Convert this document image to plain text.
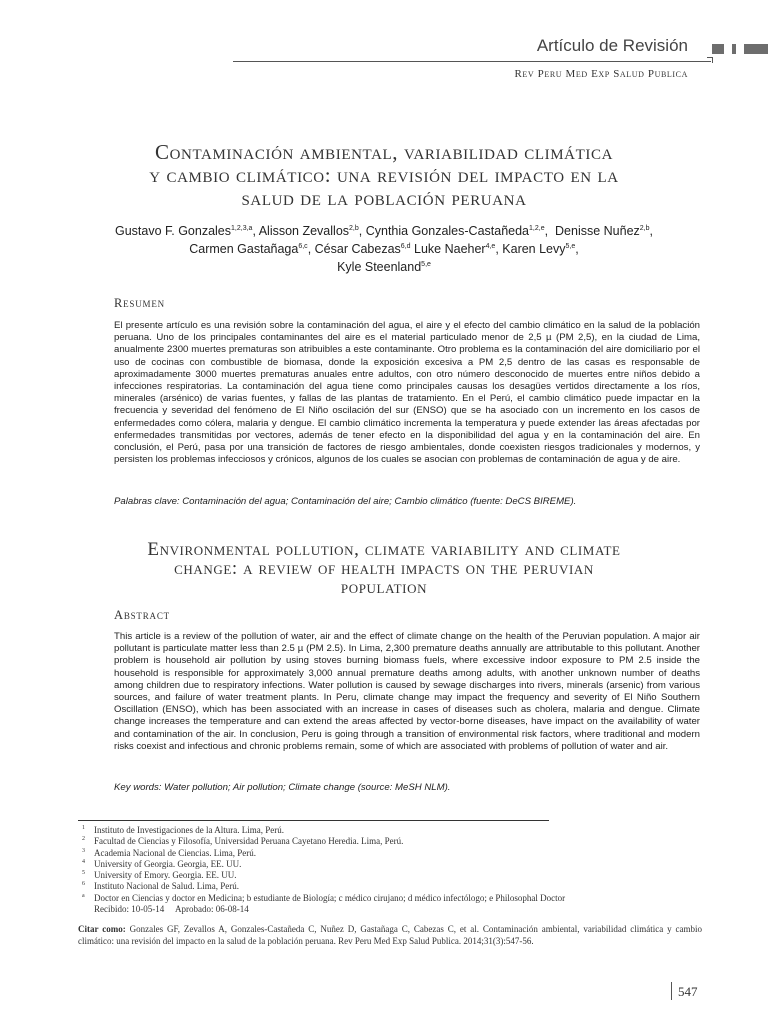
Artículo de Revisión
Rev Peru Med Exp Salud Publica
Contaminación ambiental, variabilidad climática
y cambio climático: una revisión del impacto en la
salud de la población peruana
Gustavo F. Gonzales$^{1,2,3,a}$, Alisson Zevallos$^{2,b}$, Cynthia Gonzales-Castañeda$^{1,2,e}$,  Denisse Nuñez$^{2,b}$,
Carmen Gastañaga$^{6,c}$, César Cabezas$^{6,d}$ Luke Naeher$^{4,e}$, Karen Levy$^{5,e}$,
Kyle Steenland$^{5,e}$
Resumen
El presente artículo es una revisión sobre la contaminación del agua, el aire y el efecto del cambio climático en la salud de la población peruana. Uno de los principales contaminantes del aire es el material particulado menor de 2,5 µ (PM 2,5), en la ciudad de Lima, anualmente 2300 muertes prematuras son atribuibles a este contaminante. Otro problema es la contaminación del aire domiciliario por el uso de cocinas con combustible de biomasa, donde la exposición excesiva a PM 2,5 dentro de las casas es responsable de aproximadamente 3000 muertes prematuras anuales entre adultos, con otro número desconocido de muertes entre niños debido a infecciones respiratorias. La contaminación del agua tiene como principales causas los desagües vertidos directamente a los ríos, minerales (arsénico) de varias fuentes, y fallas de las plantas de tratamiento. En el Perú, el cambio climático puede impactar en la frecuencia y severidad del fenómeno de El Niño oscilación del sur (ENSO) que se ha asociado con un incremento en los casos de enfermedades como cólera, malaria y dengue. El cambio climático incrementa la temperatura y puede extender las áreas afectadas por enfermedades transmitidas por vectores, además de tener efecto en la disponibilidad del agua y en la contaminación del aire. En conclusión, el Perú, pasa por una transición de factores de riesgo ambientales, donde coexisten riesgos tradicionales y modernos, y persisten los problemas infecciosos y crónicos, algunos de los cuales se asocian con problemas de contaminación de agua y de aire.
Palabras clave: Contaminación del agua; Contaminación del aire; Cambio climático (fuente: DeCS BIREME).
Environmental pollution, climate variability and climate
change: a review of health impacts on the peruvian
population
Abstract
This article is a review of the pollution of water, air and the effect of climate change on the health of the Peruvian population. A major air pollutant is particulate matter less than 2.5 µ (PM 2.5). In Lima, 2,300 premature deaths annually are attributable to this pollutant. Another problem is household air pollution by using stoves burning biomass fuels, where excessive indoor exposure to PM 2.5 inside the household is responsible for approximately 3,000 annual premature deaths among adults, with another unknown number of deaths among children due to respiratory infections. Water pollution is caused by sewage discharges into rivers, minerals (arsenic) from various sources, and failure of water treatment plants. In Peru, climate change may impact the frequency and severity of El Niño Southern Oscillation (ENSO), which has been associated with an increase in cases of diseases such as cholera, malaria and dengue. Climate change increases the temperature and can extend the areas affected by vector-borne diseases, have impact on the availability of water and contamination of the air. In conclusion, Peru is going through a transition of environmental risk factors, where traditional and modern risks coexist and infectious and chronic problems remain, some of which are associated with problems of pollution of water and air.
Key words: Water pollution; Air pollution; Climate change (source: MeSH NLM).
1 Instituto de Investigaciones de la Altura. Lima, Perú.
2 Facultad de Ciencias y Filosofía, Universidad Peruana Cayetano Heredia. Lima, Perú.
3 Academia Nacional de Ciencias. Lima, Perú.
4 University of Georgia. Georgia, EE. UU.
5 University of Emory. Georgia. EE. UU.
6 Instituto Nacional de Salud. Lima, Perú.
a Doctor en Ciencias y doctor en Medicina; b estudiante de Biología; c médico cirujano; d médico infectólogo; e Philosophal Doctor
Recibido: 10-05-14     Aprobado: 06-08-14
Citar como: Gonzales GF, Zevallos A, Gonzales-Castañeda C, Nuñez D, Gastañaga C, Cabezas C, et al. Contaminación ambiental, variabilidad climática y cambio climático: una revisión del impacto en la salud de la población peruana. Rev Peru Med Exp Salud Publica. 2014;31(3):547-56.
547
